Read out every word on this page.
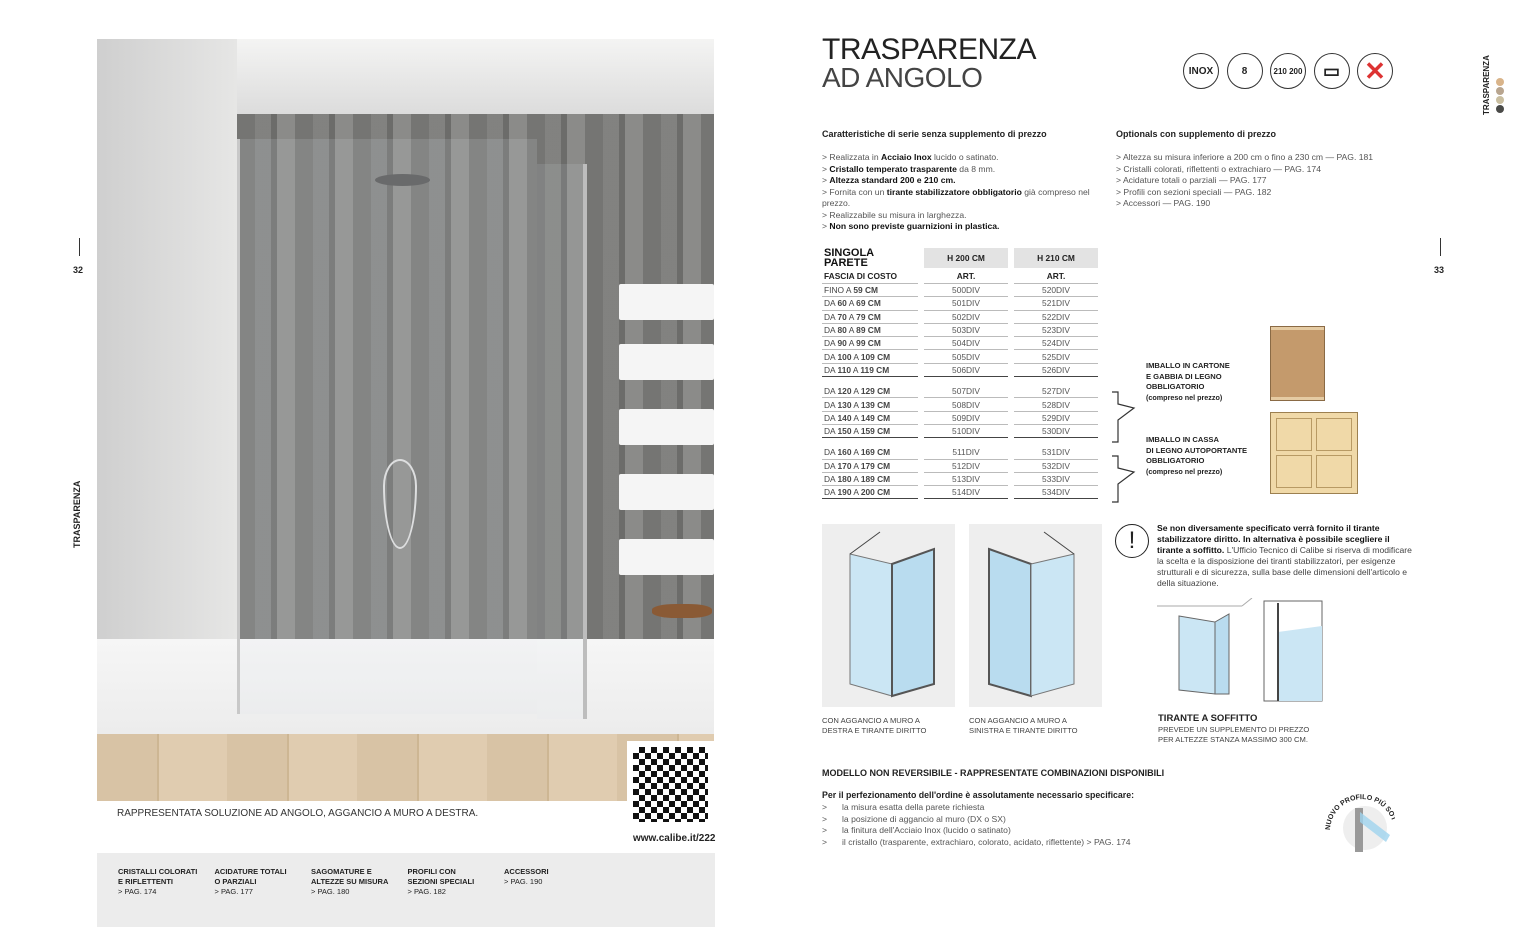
www.calibe.it/222
RAPPRESENTATA SOLUZIONE AD ANGOLO, AGGANCIO A MURO A DESTRA.
CRISTALLI COLORATI
E RIFLETTENTI
> PAG. 174
ACIDATURE TOTALI
O PARZIALI
> PAG. 177
SAGOMATURE E
ALTEZZE SU MISURA
> PAG. 180
PROFILI CON
SEZIONI SPECIALI
> PAG. 182
ACCESSORI
> PAG. 190
32
TRASPARENZA
TRASPARENZA
AD ANGOLO	INOX	8	210 200	▭ ✕	TRASPARENZA
33
Caratteristiche di serie senza supplemento di prezzo
> Realizzata in Acciaio Inox lucido o satinato.
> Cristallo temperato trasparente da 8 mm.
> Altezza standard 200 e 210 cm.
> Fornita con un tirante stabilizzatore obbligatorio già compreso nel prezzo.
> Realizzabile su misura in larghezza.
> Non sono previste guarnizioni in plastica.
Optionals con supplemento di prezzo
> Altezza su misura inferiore a 200 cm o fino a 230 cm — PAG. 181
> Cristalli colorati, riflettenti o extrachiaro — PAG. 174
> Acidature totali o parziali — PAG. 177
> Profili con sezioni speciali — PAG. 182
> Accessori — PAG. 190
SINGOLA
PARETE	H 200 CM	H 210 CM
FASCIA DI COSTO	ART.	ART.
FINO A 59 CM	500DIV	520DIV
DA 60 A 69 CM	501DIV	521DIV
DA 70 A 79 CM	502DIV	522DIV
DA 80 A 89 CM	503DIV	523DIV
DA 90 A 99 CM	504DIV	524DIV
DA 100 A 109 CM	505DIV	525DIV
DA 110 A 119 CM	506DIV	526DIV

DA 120 A 129 CM	507DIV	527DIV
DA 130 A 139 CM	508DIV	528DIV
DA 140 A 149 CM	509DIV	529DIV
DA 150 A 159 CM	510DIV	530DIV

DA 160 A 169 CM	511DIV	531DIV
DA 170 A 179 CM	512DIV	532DIV
DA 180 A 189 CM	513DIV	533DIV
DA 190 A 200 CM	514DIV	534DIV
IMBALLO IN CARTONE
E GABBIA DI LEGNO
OBBLIGATORIO
(compreso nel prezzo)
IMBALLO IN CASSA
DI LEGNO AUTOPORTANTE
OBBLIGATORIO
(compreso nel prezzo)
CON AGGANCIO A MURO A
DESTRA E TIRANTE DIRITTO
CON AGGANCIO A MURO A
SINISTRA E TIRANTE DIRITTO
!	Se non diversamente specificato verrà fornito il tirante stabilizzatore diritto. In alternativa è possibile scegliere il tirante a soffitto. L'Ufficio Tecnico di Calibe si riserva di modificare la scelta e la disposizione dei tiranti stabilizzatori, per esigenze strutturali e di sicurezza, sulla base delle dimensioni dell'articolo e della situazione.
TIRANTE A SOFFITTO
PREVEDE UN SUPPLEMENTO DI PREZZO
PER ALTEZZE STANZA MASSIMO 300 CM.
MODELLO NON REVERSIBILE - RAPPRESENTATE COMBINAZIONI DISPONIBILI
Per il perfezionamento dell'ordine è assolutamente necessario specificare:
> la misura esatta della parete richiesta
> la posizione di aggancio al muro (DX o SX)
> la finitura dell'Acciaio Inox (lucido o satinato)
> il cristallo (trasparente, extrachiaro, colorato, acidato, riflettente) > PAG. 174
NUOVO PROFILO PIÙ SO
